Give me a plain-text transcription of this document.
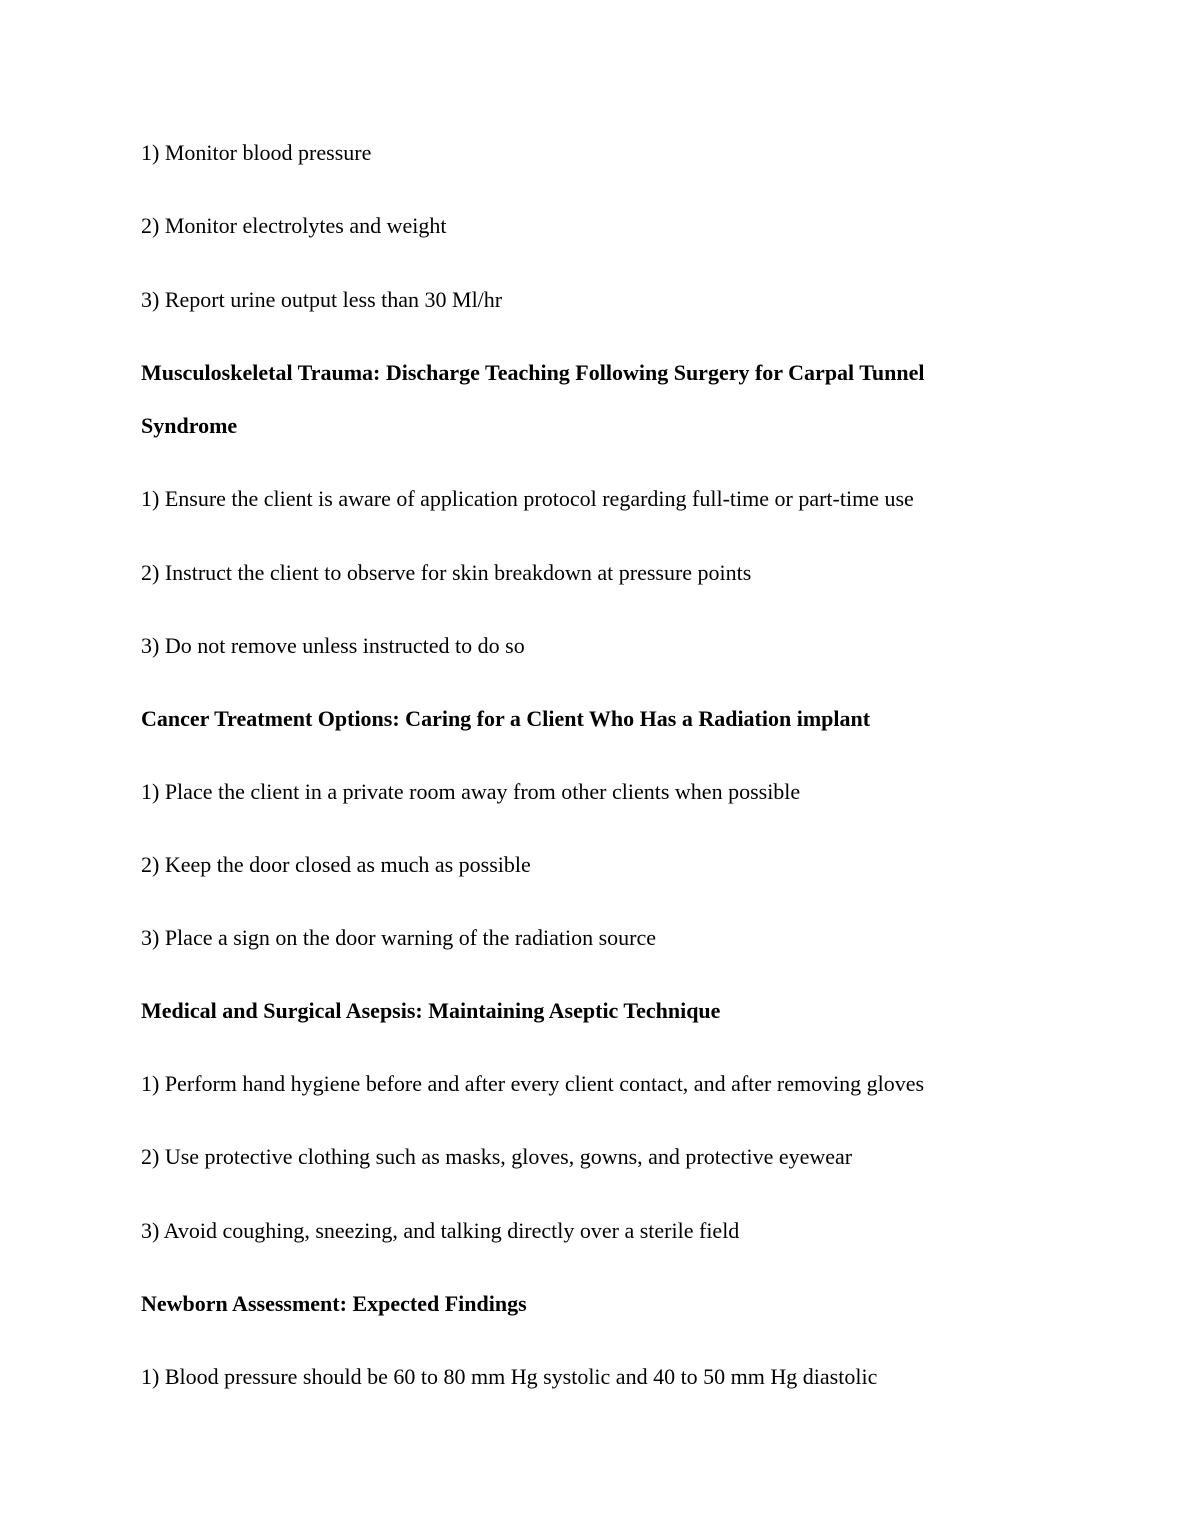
1) Monitor blood pressure
2) Monitor electrolytes and weight
3) Report urine output less than 30 Ml/hr
Musculoskeletal Trauma: Discharge Teaching Following Surgery for Carpal Tunnel
Syndrome
1) Ensure the client is aware of application protocol regarding full-time or part-time use
2) Instruct the client to observe for skin breakdown at pressure points
3) Do not remove unless instructed to do so
Cancer Treatment Options: Caring for a Client Who Has a Radiation implant
1) Place the client in a private room away from other clients when possible
2) Keep the door closed as much as possible
3) Place a sign on the door warning of the radiation source
Medical and Surgical Asepsis: Maintaining Aseptic Technique
1) Perform hand hygiene before and after every client contact, and after removing gloves
2) Use protective clothing such as masks, gloves, gowns, and protective eyewear
3) Avoid coughing, sneezing, and talking directly over a sterile field
Newborn Assessment: Expected Findings
1) Blood pressure should be 60 to 80 mm Hg systolic and 40 to 50 mm Hg diastolic
